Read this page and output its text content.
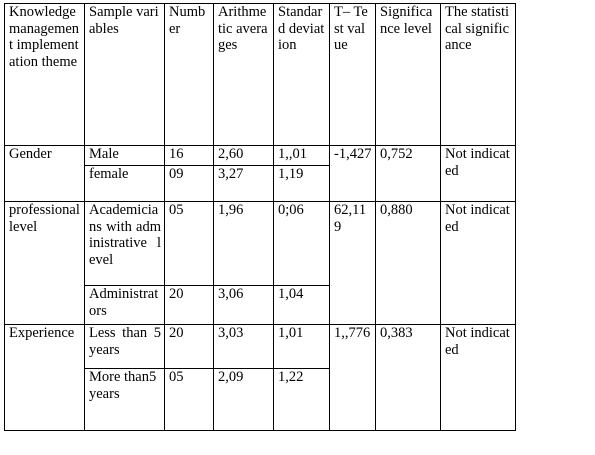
Knowledge management implementation theme	Sample variables	Number	Arithmetic averages	Standard deviation	T– Test value	Significance level	The statistical significance
Gender	Male	16	2,60	1,,01	-1,427	0,752	Not indicated
	female	09	3,27	1,19			
professional level	Academicians with administrative level	05	1,96	0;06	62,119	0,880	Not indicated
	Administrators	20	3,06	1,04			
Experience	Less than 5 years	20	3,03	1,01	1,,776	0,383	Not indicated
	More than5 years	05	2,09	1,22			
